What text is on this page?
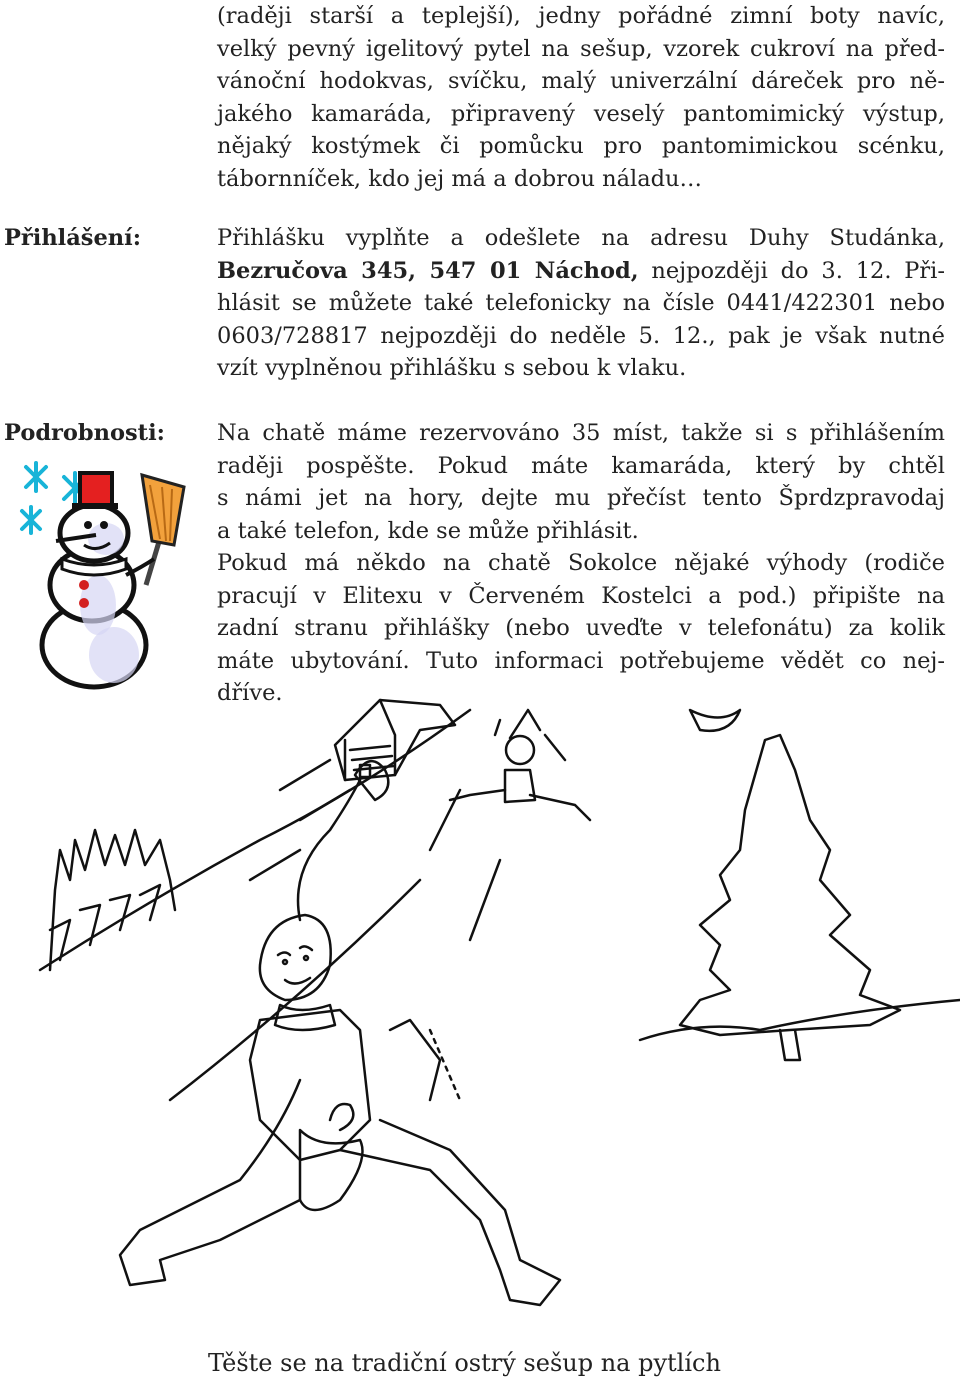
(raději starší a teplejší), jedny pořádné zimní boty navíc,
velký pevný igelitový pytel na sešup, vzorek cukroví na před-
vánoční hodokvas, svíčku, malý univerzální dáreček pro ně-
jakého kamaráda, připravený veselý pantomimický výstup,
nějaký kostýmek či pomůcku pro pantomimickou scénku,
tábornníček, kdo jej má a dobrou náladu…
Přihlášení:	Přihlášku vyplňte a odešlete na adresu Duhy Studánka,
Bezručova 345, 547 01 Náchod, nejpozději do 3. 12. Při-
hlásit se můžete také telefonicky na čísle 0441/422301 nebo
0603/728817 nejpozději do neděle 5. 12., pak je však nutné
vzít vyplněnou přihlášku s sebou k vlaku.
Podrobnosti: Na chatě máme rezervováno 35 míst, takže si s přihlášením
raději pospěšte. Pokud máte kamaráda, který by chtěl
s námi jet na hory, dejte mu přečíst tento Šprdzpravodaj
a také telefon, kde se může přihlásit.
Pokud má někdo na chatě Sokolce nějaké výhody (rodiče
pracují v Elitexu v Červeném Kostelci a pod.) připište na
zadní stranu přihlášky (nebo uveďte v telefonátu) za kolik
máte ubytování. Tuto informaci potřebujeme vědět co nej-
dříve.
Těšte se na tradiční ostrý sešup na pytlích
